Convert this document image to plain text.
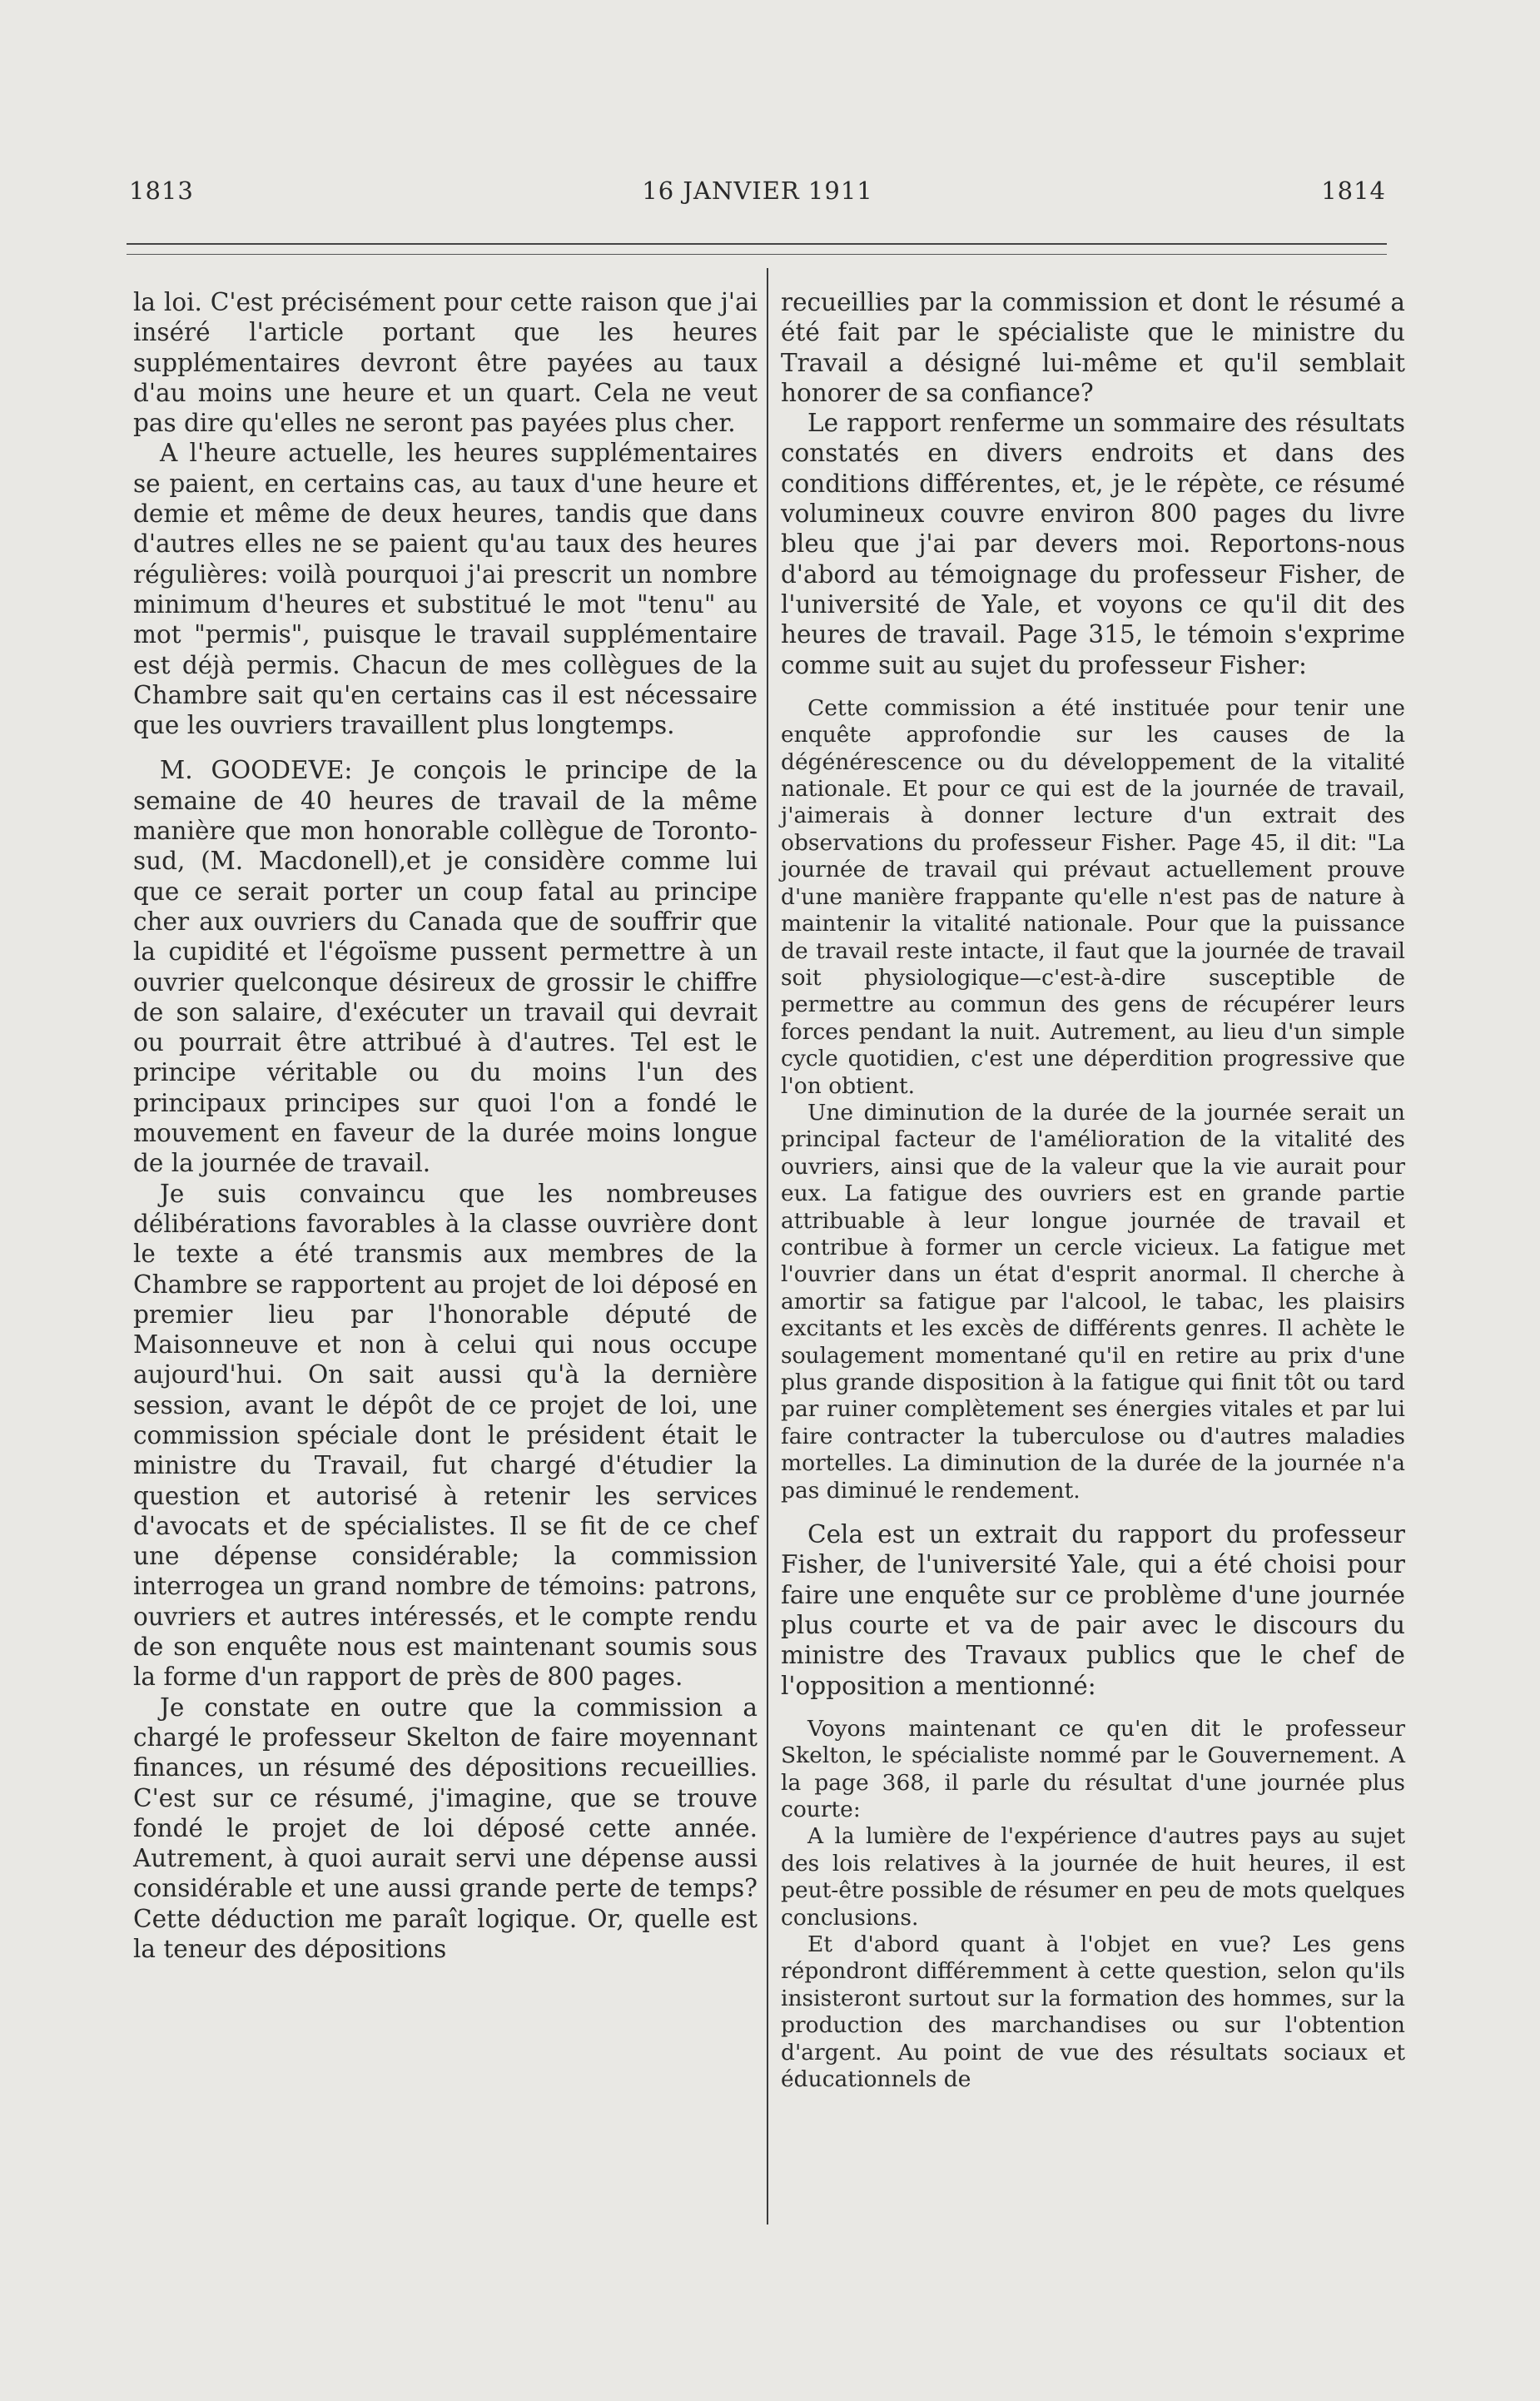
1813	16 JANVIER 1911	1814

la loi. C'est précisément pour cette raison que j'ai inséré l'article portant que les heures supplémentaires devront être payées au taux d'au moins une heure et un quart. Cela ne veut pas dire qu'elles ne seront pas payées plus cher.

A l'heure actuelle, les heures supplémentaires se paient, en certains cas, au taux d'une heure et demie et même de deux heures, tandis que dans d'autres elles ne se paient qu'au taux des heures régulières: voilà pourquoi j'ai prescrit un nombre minimum d'heures et substitué le mot "tenu" au mot "permis", puisque le travail supplémentaire est déjà permis. Chacun de mes collègues de la Chambre sait qu'en certains cas il est nécessaire que les ouvriers travaillent plus longtemps.

M. GOODEVE: Je conçois le principe de la semaine de 40 heures de travail de la même manière que mon honorable collègue de Toronto-sud, (M. Macdonell),et je considère comme lui que ce serait porter un coup fatal au principe cher aux ouvriers du Canada que de souffrir que la cupidité et l'égoïsme pussent permettre à un ouvrier quelconque désireux de grossir le chiffre de son salaire, d'exécuter un travail qui devrait ou pourrait être attribué à d'autres. Tel est le principe véritable ou du moins l'un des principaux principes sur quoi l'on a fondé le mouvement en faveur de la durée moins longue de la journée de travail.

Je suis convaincu que les nombreuses délibérations favorables à la classe ouvrière dont le texte a été transmis aux membres de la Chambre se rapportent au projet de loi déposé en premier lieu par l'honorable député de Maisonneuve et non à celui qui nous occupe aujourd'hui. On sait aussi qu'à la dernière session, avant le dépôt de ce projet de loi, une commission spéciale dont le président était le ministre du Travail, fut chargé d'étudier la question et autorisé à retenir les services d'avocats et de spécialistes. Il se fit de ce chef une dépense considérable; la commission interrogea un grand nombre de témoins: patrons, ouvriers et autres intéressés, et le compte rendu de son enquête nous est maintenant soumis sous la forme d'un rapport de près de 800 pages.

Je constate en outre que la commission a chargé le professeur Skelton de faire moyennant finances, un résumé des dépositions recueillies. C'est sur ce résumé, j'imagine, que se trouve fondé le projet de loi déposé cette année. Autrement, à quoi aurait servi une dépense aussi considérable et une aussi grande perte de temps? Cette déduction me paraît logique. Or, quelle est la teneur des dépositions

recueillies par la commission et dont le résumé a été fait par le spécialiste que le ministre du Travail a désigné lui-même et qu'il semblait honorer de sa confiance?

Le rapport renferme un sommaire des résultats constatés en divers endroits et dans des conditions différentes, et, je le répète, ce résumé volumineux couvre environ 800 pages du livre bleu que j'ai par devers moi. Reportons-nous d'abord au témoignage du professeur Fisher, de l'université de Yale, et voyons ce qu'il dit des heures de travail. Page 315, le témoin s'exprime comme suit au sujet du professeur Fisher:

Cette commission a été instituée pour tenir une enquête approfondie sur les causes de la dégénérescence ou du développement de la vitalité nationale. Et pour ce qui est de la journée de travail, j'aimerais à donner lecture d'un extrait des observations du professeur Fisher. Page 45, il dit: "La journée de travail qui prévaut actuellement prouve d'une manière frappante qu'elle n'est pas de nature à maintenir la vitalité nationale. Pour que la puissance de travail reste intacte, il faut que la journée de travail soit physiologique—c'est-à-dire susceptible de permettre au commun des gens de récupérer leurs forces pendant la nuit. Autrement, au lieu d'un simple cycle quotidien, c'est une déperdition progressive que l'on obtient.

Une diminution de la durée de la journée serait un principal facteur de l'amélioration de la vitalité des ouvriers, ainsi que de la valeur que la vie aurait pour eux. La fatigue des ouvriers est en grande partie attribuable à leur longue journée de travail et contribue à former un cercle vicieux. La fatigue met l'ouvrier dans un état d'esprit anormal. Il cherche à amortir sa fatigue par l'alcool, le tabac, les plaisirs excitants et les excès de différents genres. Il achète le soulagement momentané qu'il en retire au prix d'une plus grande disposition à la fatigue qui finit tôt ou tard par ruiner complètement ses énergies vitales et par lui faire contracter la tuberculose ou d'autres maladies mortelles. La diminution de la durée de la journée n'a pas diminué le rendement.

Cela est un extrait du rapport du professeur Fisher, de l'université Yale, qui a été choisi pour faire une enquête sur ce problème d'une journée plus courte et va de pair avec le discours du ministre des Travaux publics que le chef de l'opposition a mentionné:

Voyons maintenant ce qu'en dit le professeur Skelton, le spécialiste nommé par le Gouvernement. A la page 368, il parle du résultat d'une journée plus courte:

A la lumière de l'expérience d'autres pays au sujet des lois relatives à la journée de huit heures, il est peut-être possible de résumer en peu de mots quelques conclusions.

Et d'abord quant à l'objet en vue? Les gens répondront différemment à cette question, selon qu'ils insisteront surtout sur la formation des hommes, sur la production des marchandises ou sur l'obtention d'argent. Au point de vue des résultats sociaux et éducationnels de
